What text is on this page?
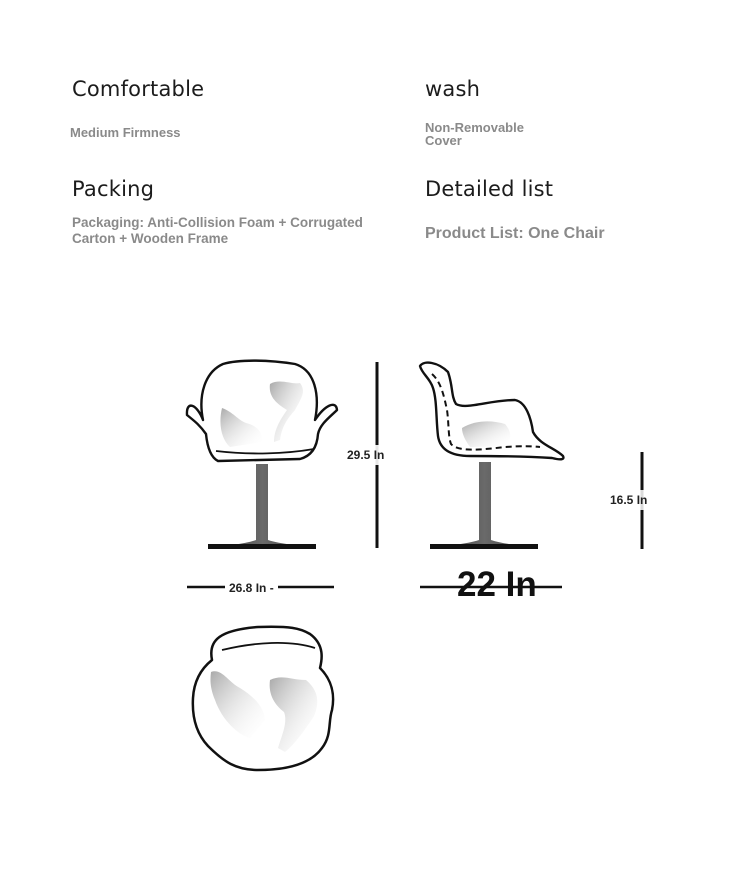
Comfortable

Medium Firmness

wash

Non-Removable

Cover

Packing

Packaging: Anti-Collision Foam + Corrugated

Carton + Wooden Frame

Detailed list

Product List: One Chair

29.5 In

16.5 In

26.8 In -	22 In
